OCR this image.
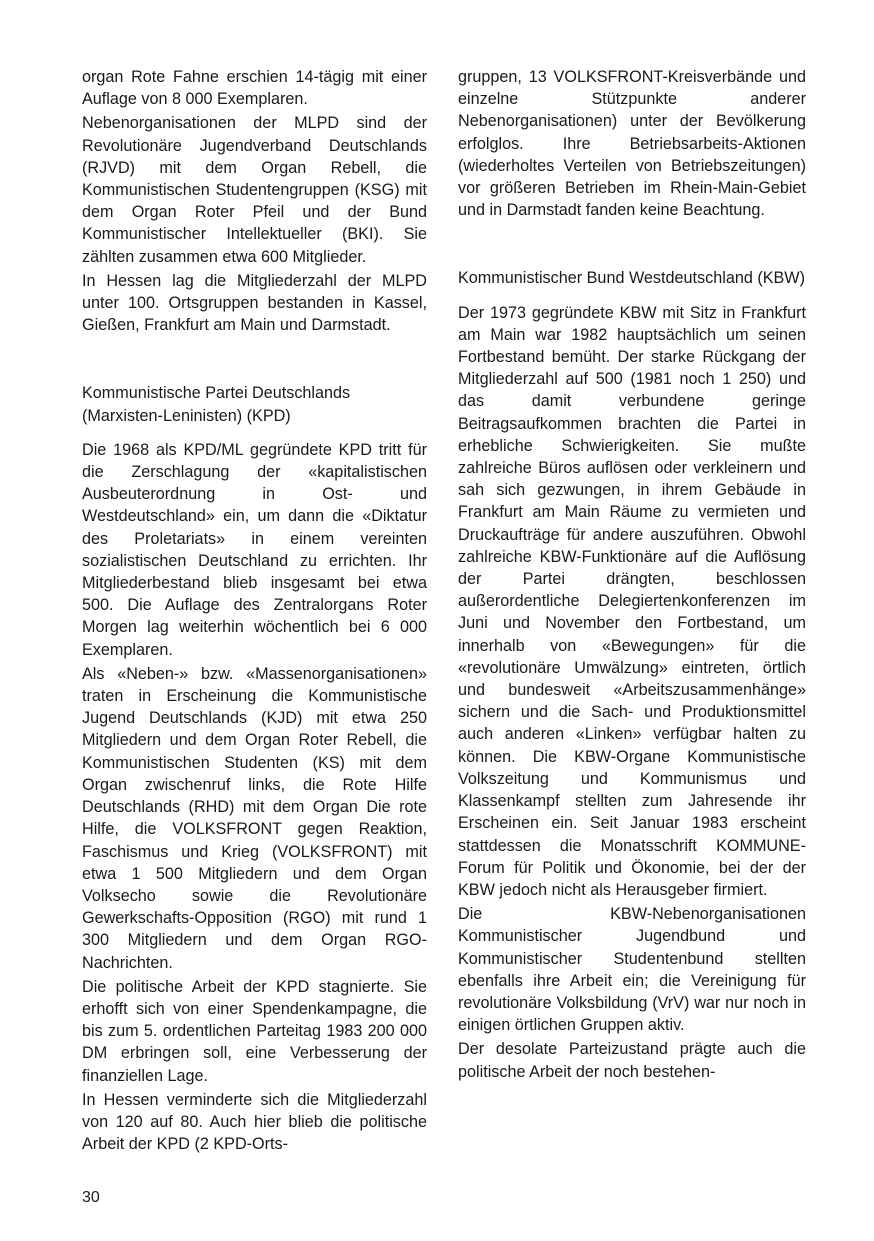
organ Rote Fahne erschien 14-tägig mit einer Auflage von 8 000 Exemplaren.

Nebenorganisationen der MLPD sind der Revolutionäre Jugendverband Deutschlands (RJVD) mit dem Organ Rebell, die Kommunistischen Studentengruppen (KSG) mit dem Organ Roter Pfeil und der Bund Kommunistischer Intellektueller (BKI). Sie zählten zusammen etwa 600 Mitglieder.

In Hessen lag die Mitgliederzahl der MLPD unter 100. Ortsgruppen bestanden in Kassel, Gießen, Frankfurt am Main und Darmstadt.

Kommunistische Partei Deutschlands (Marxisten-Leninisten) (KPD)

Die 1968 als KPD/ML gegründete KPD tritt für die Zerschlagung der «kapitalistischen Ausbeuterordnung in Ost- und Westdeutschland» ein, um dann die «Diktatur des Proletariats» in einem vereinten sozialistischen Deutschland zu errichten. Ihr Mitgliederbestand blieb insgesamt bei etwa 500. Die Auflage des Zentralorgans Roter Morgen lag weiterhin wöchentlich bei 6 000 Exemplaren.

Als «Neben-» bzw. «Massenorganisationen» traten in Erscheinung die Kommunistische Jugend Deutschlands (KJD) mit etwa 250 Mitgliedern und dem Organ Roter Rebell, die Kommunistischen Studenten (KS) mit dem Organ zwischenruf links, die Rote Hilfe Deutschlands (RHD) mit dem Organ Die rote Hilfe, die VOLKSFRONT gegen Reaktion, Faschismus und Krieg (VOLKSFRONT) mit etwa 1 500 Mitgliedern und dem Organ Volksecho sowie die Revolutionäre Gewerkschafts-Opposition (RGO) mit rund 1 300 Mitgliedern und dem Organ RGO-Nachrichten.

Die politische Arbeit der KPD stagnierte. Sie erhofft sich von einer Spendenkampagne, die bis zum 5. ordentlichen Parteitag 1983 200 000 DM erbringen soll, eine Verbesserung der finanziellen Lage.

In Hessen verminderte sich die Mitgliederzahl von 120 auf 80. Auch hier blieb die politische Arbeit der KPD (2 KPD-Orts-

gruppen, 13 VOLKSFRONT-Kreisverbände und einzelne Stützpunkte anderer Nebenorganisationen) unter der Bevölkerung erfolglos. Ihre Betriebsarbeits-Aktionen (wiederholtes Verteilen von Betriebszeitungen) vor größeren Betrieben im Rhein-Main-Gebiet und in Darmstadt fanden keine Beachtung.

Kommunistischer Bund Westdeutschland (KBW)

Der 1973 gegründete KBW mit Sitz in Frankfurt am Main war 1982 hauptsächlich um seinen Fortbestand bemüht. Der starke Rückgang der Mitgliederzahl auf 500 (1981 noch 1 250) und das damit verbundene geringe Beitragsaufkommen brachten die Partei in erhebliche Schwierigkeiten. Sie mußte zahlreiche Büros auflösen oder verkleinern und sah sich gezwungen, in ihrem Gebäude in Frankfurt am Main Räume zu vermieten und Druckaufträge für andere auszuführen. Obwohl zahlreiche KBW-Funktionäre auf die Auflösung der Partei drängten, beschlossen außerordentliche Delegiertenkonferenzen im Juni und November den Fortbestand, um innerhalb von «Bewegungen» für die «revolutionäre Umwälzung» eintreten, örtlich und bundesweit «Arbeitszusammenhänge» sichern und die Sach- und Produktionsmittel auch anderen «Linken» verfügbar halten zu können. Die KBW-Organe Kommunistische Volkszeitung und Kommunismus und Klassenkampf stellten zum Jahresende ihr Erscheinen ein. Seit Januar 1983 erscheint stattdessen die Monatsschrift KOMMUNE-Forum für Politik und Ökonomie, bei der der KBW jedoch nicht als Herausgeber firmiert.

Die KBW-Nebenorganisationen Kommunistischer Jugendbund und Kommunistischer Studentenbund stellten ebenfalls ihre Arbeit ein; die Vereinigung für revolutionäre Volksbildung (VrV) war nur noch in einigen örtlichen Gruppen aktiv.

Der desolate Parteizustand prägte auch die politische Arbeit der noch bestehen-

30
